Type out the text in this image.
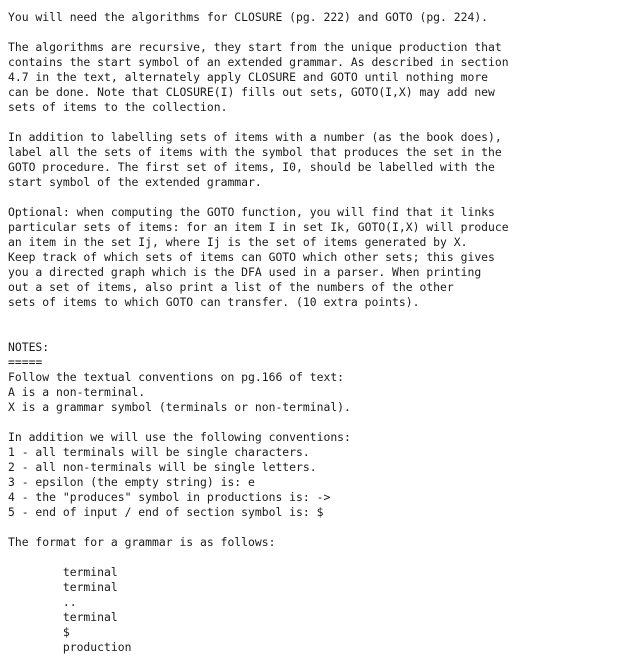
You will need the algorithms for CLOSURE (pg. 222) and GOTO (pg. 224).
The algorithms are recursive, they start from the unique production that
contains the start symbol of an extended grammar. As described in section
4.7 in the text, alternately apply CLOSURE and GOTO until nothing more
can be done. Note that CLOSURE(I) fills out sets, GOTO(I,X) may add new
sets of items to the collection.
In addition to labelling sets of items with a number (as the book does),
label all the sets of items with the symbol that produces the set in the
GOTO procedure. The first set of items, I0, should be labelled with the
start symbol of the extended grammar.
Optional: when computing the GOTO function, you will find that it links
particular sets of items: for an item I in set Ik, GOTO(I,X) will produce
an item in the set Ij, where Ij is the set of items generated by X.
Keep track of which sets of items can GOTO which other sets; this gives
you a directed graph which is the DFA used in a parser. When printing
out a set of items, also print a list of the numbers of the other
sets of items to which GOTO can transfer. (10 extra points).
NOTES:
=====
Follow the textual conventions on pg.166 of text:
A is a non-terminal.
X is a grammar symbol (terminals or non-terminal).
In addition we will use the following conventions:
1 - all terminals will be single characters.
2 - all non-terminals will be single letters.
3 - epsilon (the empty string) is: e
4 - the "produces" symbol in productions is: ->
5 - end of input / end of section symbol is: $
The format for a grammar is as follows:
terminal
terminal
..
terminal
$
production
